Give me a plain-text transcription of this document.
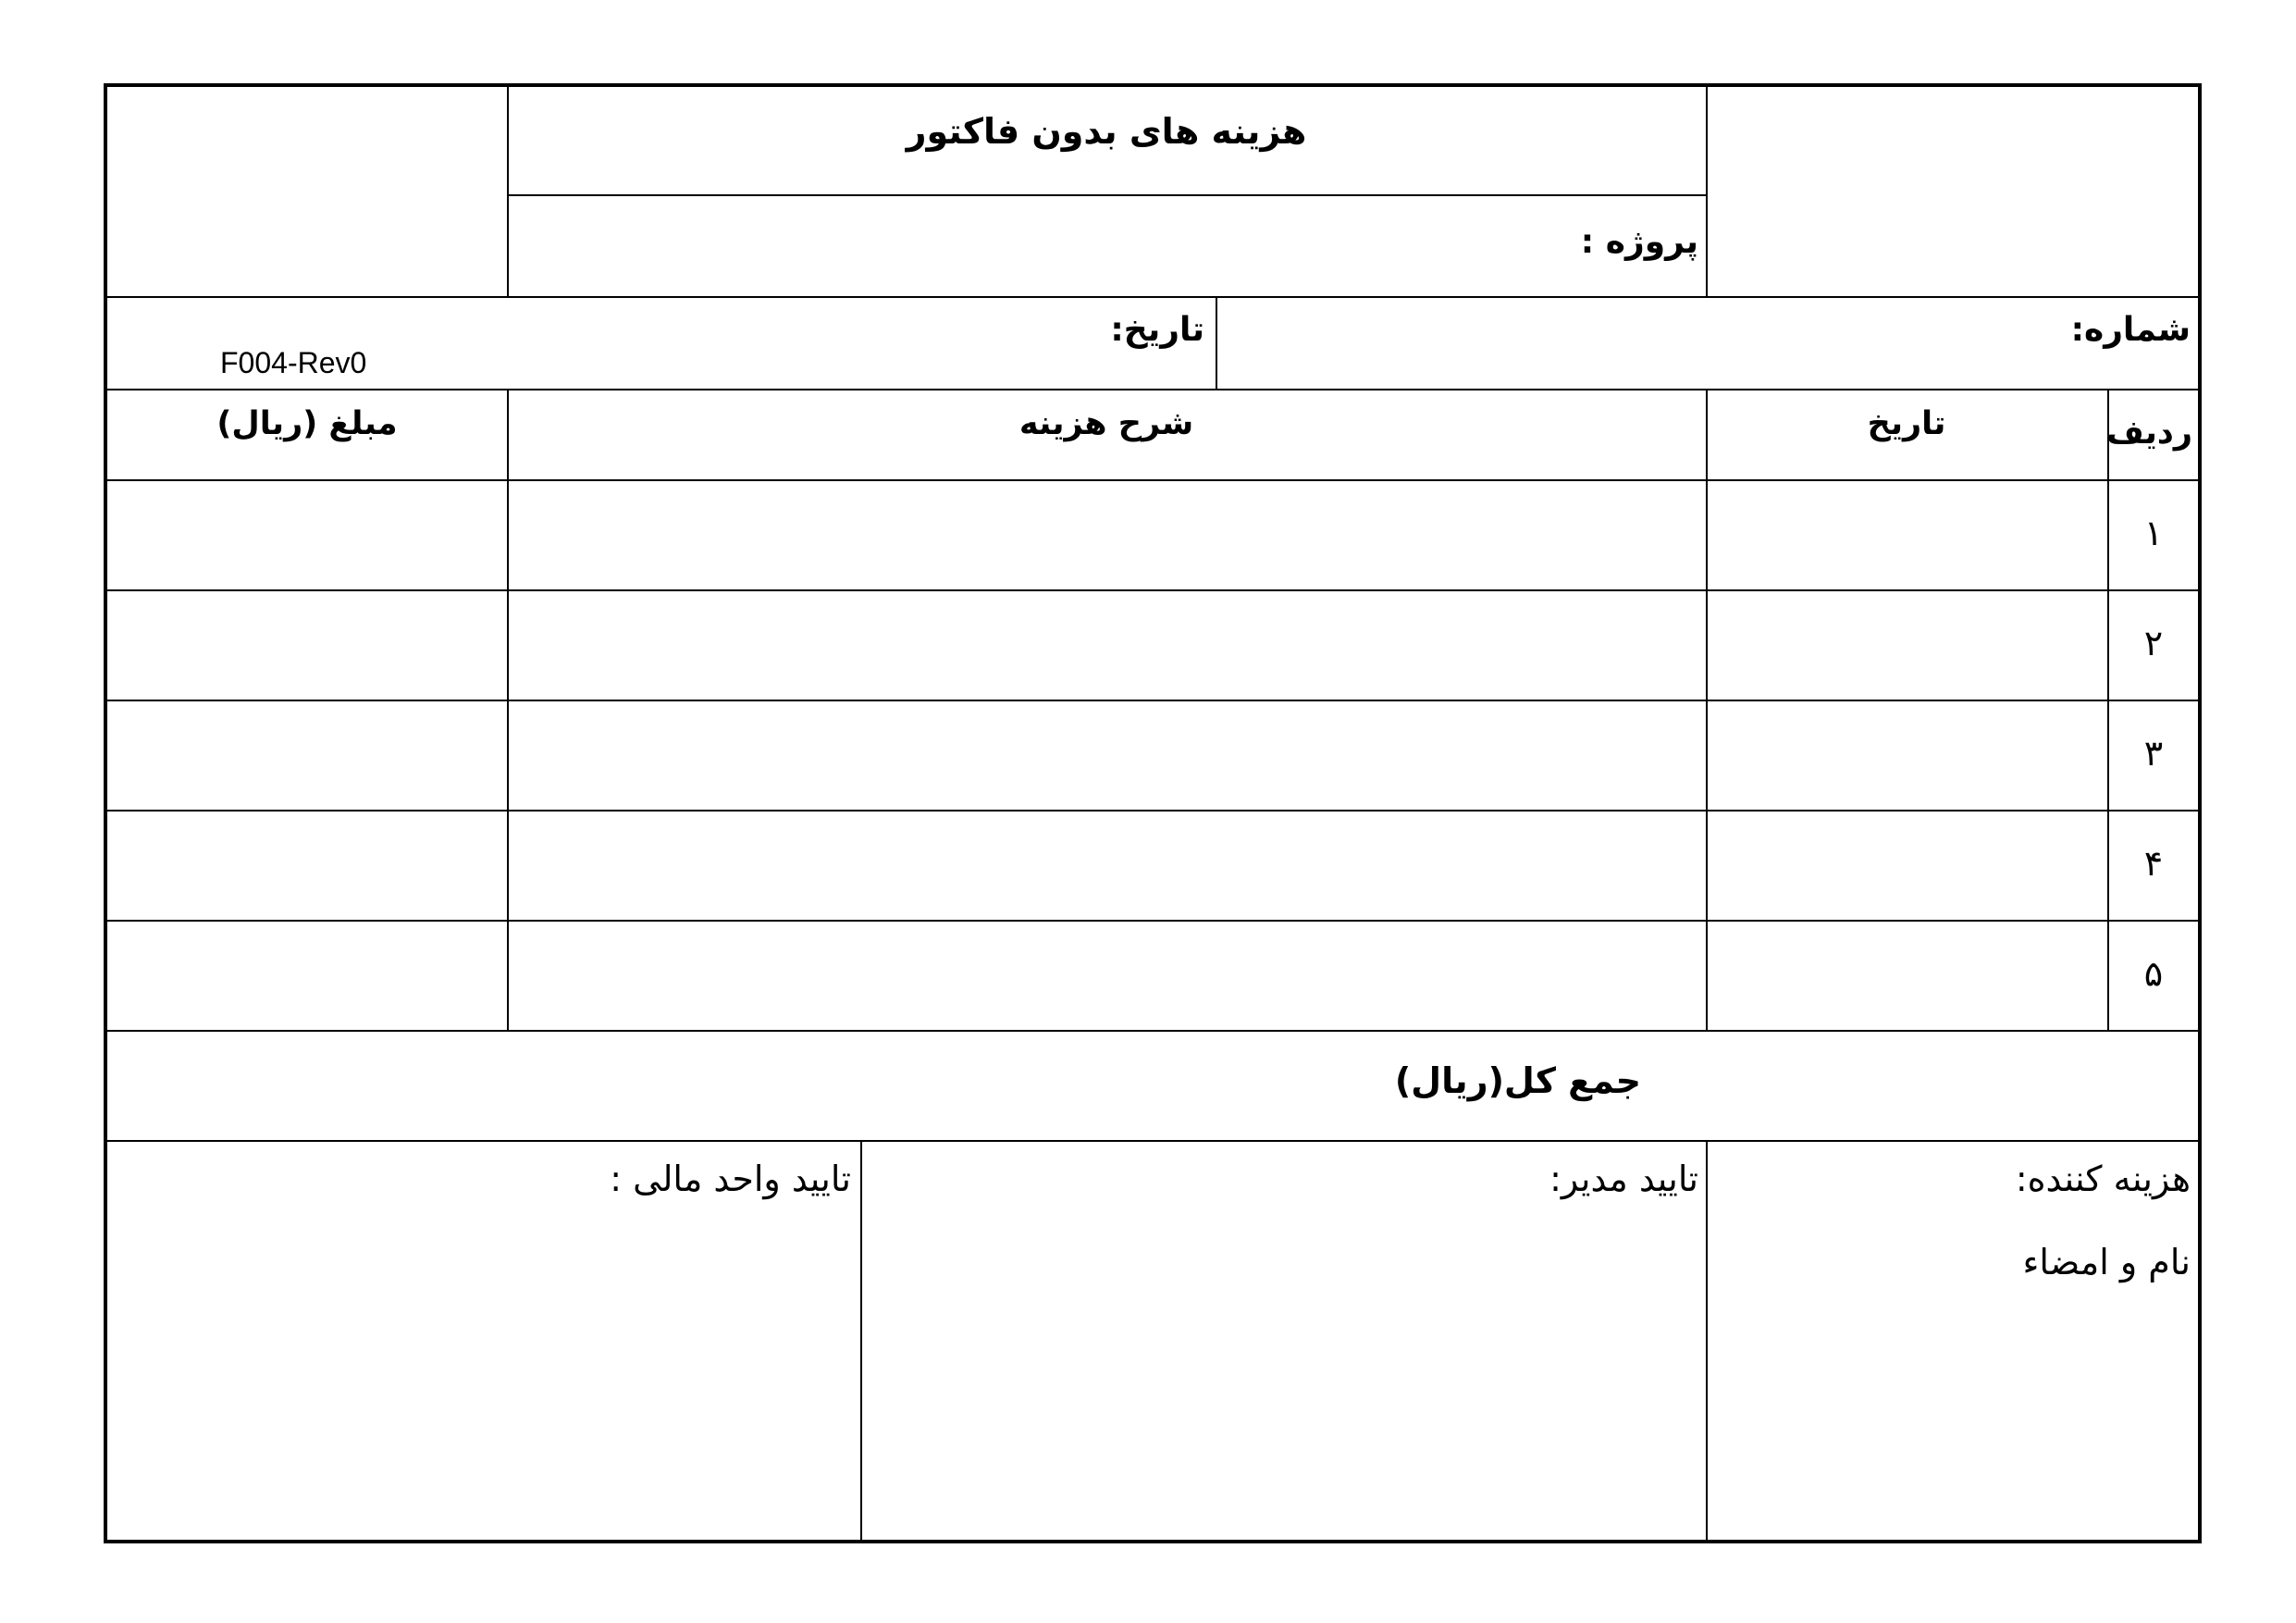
هزینه های بدون فاکتور
پروژه :
شماره:
تاریخ:
F004-Rev0
ردیف
تاریخ
شرح هزینه
مبلغ (ریال)
۱
۲
۳
۴
۵
جمع کل(ریال)
هزینه کننده:
نام و امضاء
تایید مدیر:
تایید واحد مالی :
